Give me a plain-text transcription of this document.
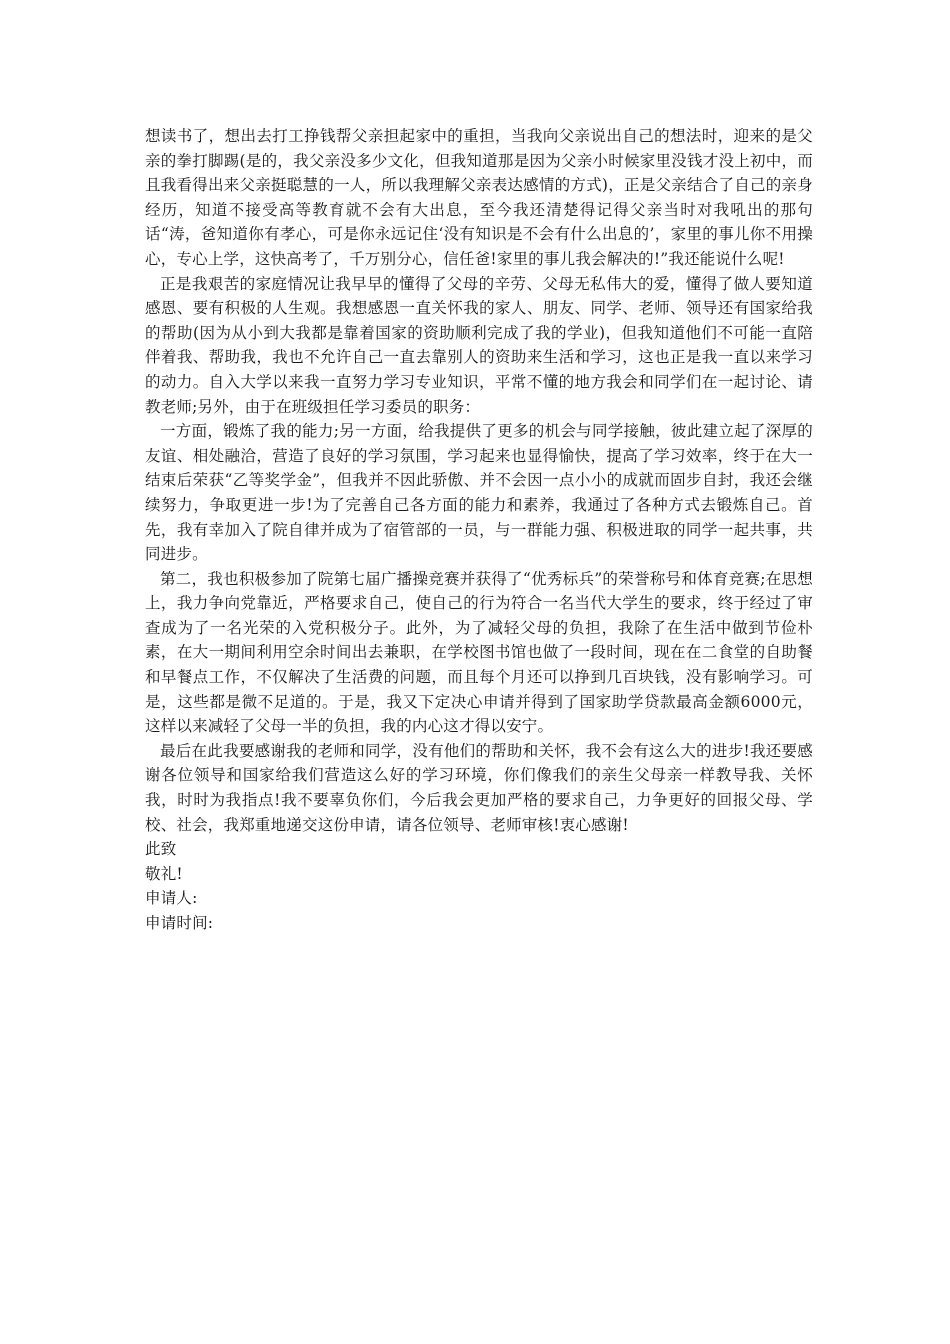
想读书了，想出去打工挣钱帮父亲担起家中的重担，当我向父亲说出自己的想法时，迎来的是父亲的拳打脚踢(是的，我父亲没多少文化，但我知道那是因为父亲小时候家里没钱才没上初中，而且我看得出来父亲挺聪慧的一人，所以我理解父亲表达感情的方式)，正是父亲结合了自己的亲身经历，知道不接受高等教育就不会有大出息，至今我还清楚得记得父亲当时对我吼出的那句话“涛，爸知道你有孝心，可是你永远记住‘没有知识是不会有什么出息的’，家里的事儿你不用操心，专心上学，这快高考了，千万别分心，信任爸!家里的事儿我会解决的!”我还能说什么呢!

正是我艰苦的家庭情况让我早早的懂得了父母的辛劳、父母无私伟大的爱，懂得了做人要知道感恩、要有积极的人生观。我想感恩一直关怀我的家人、朋友、同学、老师、领导还有国家给我的帮助(因为从小到大我都是靠着国家的资助顺利完成了我的学业)，但我知道他们不可能一直陪伴着我、帮助我，我也不允许自己一直去靠别人的资助来生活和学习，这也正是我一直以来学习的动力。自入大学以来我一直努力学习专业知识，平常不懂的地方我会和同学们在一起讨论、请教老师;另外，由于在班级担任学习委员的职务：

一方面，锻炼了我的能力;另一方面，给我提供了更多的机会与同学接触，彼此建立起了深厚的友谊、相处融洽，营造了良好的学习氛围，学习起来也显得愉快，提高了学习效率，终于在大一结束后荣获“乙等奖学金”，但我并不因此骄傲、并不会因一点小小的成就而固步自封，我还会继续努力，争取更进一步!为了完善自己各方面的能力和素养，我通过了各种方式去锻炼自己。首先，我有幸加入了院自律并成为了宿管部的一员，与一群能力强、积极进取的同学一起共事，共同进步。

第二，我也积极参加了院第七届广播操竞赛并获得了“优秀标兵”的荣誉称号和体育竞赛;在思想上，我力争向党靠近，严格要求自己，使自己的行为符合一名当代大学生的要求，终于经过了审查成为了一名光荣的入党积极分子。此外，为了减轻父母的负担，我除了在生活中做到节俭朴素，在大一期间利用空余时间出去兼职，在学校图书馆也做了一段时间，现在在二食堂的自助餐和早餐点工作，不仅解决了生活费的问题，而且每个月还可以挣到几百块钱，没有影响学习。可是，这些都是微不足道的。于是，我又下定决心申请并得到了国家助学贷款最高金额6000元，这样以来减轻了父母一半的负担，我的内心这才得以安宁。

最后在此我要感谢我的老师和同学，没有他们的帮助和关怀，我不会有这么大的进步!我还要感谢各位领导和国家给我们营造这么好的学习环境，你们像我们的亲生父母亲一样教导我、关怀我，时时为我指点!我不要辜负你们，今后我会更加严格的要求自己，力争更好的回报父母、学校、社会，我郑重地递交这份申请，请各位领导、老师审核!衷心感谢!

此致

敬礼!

申请人:

申请时间:
